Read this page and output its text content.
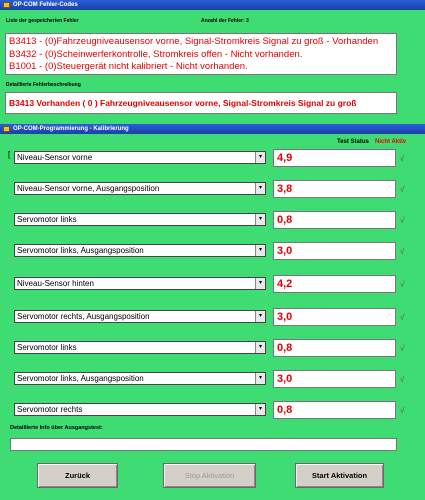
OP-COM Fehler-Codes
Liste der gespeicherten Fehler	Anzahl der Fehler: 3
B3413 - (0)Fahrzeugniveausensor vorne, Signal-Stromkreis Signal zu groß - Vorhanden
B3432 - (0)Scheinwerferkontrolle, Stromkreis offen - Nicht vorhanden.
B1001 - (0)Steuergerät nicht kalibriert - Nicht vorhanden.
Detaillierte Fehlerbeschreibung
B3413 Vorhanden ( 0 ) Fahrzeugniveausensor vorne, Signal-Stromkreis Signal zu groß
OP-COM-Programmierung - Kalibrierung
Test Status Nicht Aktiv
[ Niveau-Sensor vorne	▾	4,9	√
Niveau-Sensor vorne, Ausgangsposition	▾	3,8	√
Servomotor links	▾	0,8	√
Servomotor links, Ausgangsposition	▾	3,0	√
Niveau-Sensor hinten	▾	4,2	√
Servomotor rechts, Ausgangsposition	▾	3,0	√
Servomotor links	▾	0,8	√
Servomotor links, Ausgangsposition	▾	3,0	√
Servomotor rechts	▾	0,8	√
Detaillierte Info über Ausgangstest:
Zurück	Stop Aktivation	Start Aktivation
